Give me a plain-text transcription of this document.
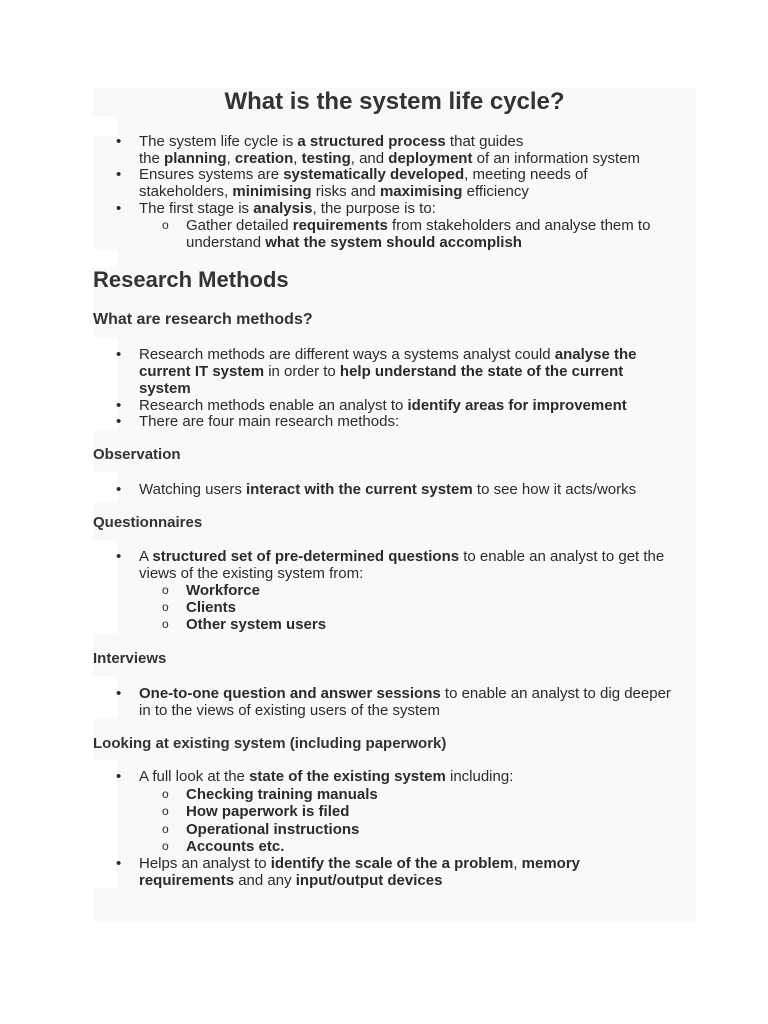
What is the system life cycle?
• The system life cycle is a structured process that guides
the planning, creation, testing, and deployment of an information system
• Ensures systems are systematically developed, meeting needs of
stakeholders, minimising risks and maximising efficiency
• The first stage is analysis, the purpose is to:
o Gather detailed requirements from stakeholders and analyse them to
understand what the system should accomplish
Research Methods
What are research methods?
• Research methods are different ways a systems analyst could analyse the
current IT system in order to help understand the state of the current
system
• Research methods enable an analyst to identify areas for improvement
• There are four main research methods:
Observation
• Watching users interact with the current system to see how it acts/works
Questionnaires
• A structured set of pre-determined questions to enable an analyst to get the
views of the existing system from:
o Workforce
o Clients
o Other system users
Interviews
• One-to-one question and answer sessions to enable an analyst to dig deeper
in to the views of existing users of the system
Looking at existing system (including paperwork)
• A full look at the state of the existing system including:
o Checking training manuals
o How paperwork is filed
o Operational instructions
o Accounts etc.
• Helps an analyst to identify the scale of the a problem, memory
requirements and any input/output devices
